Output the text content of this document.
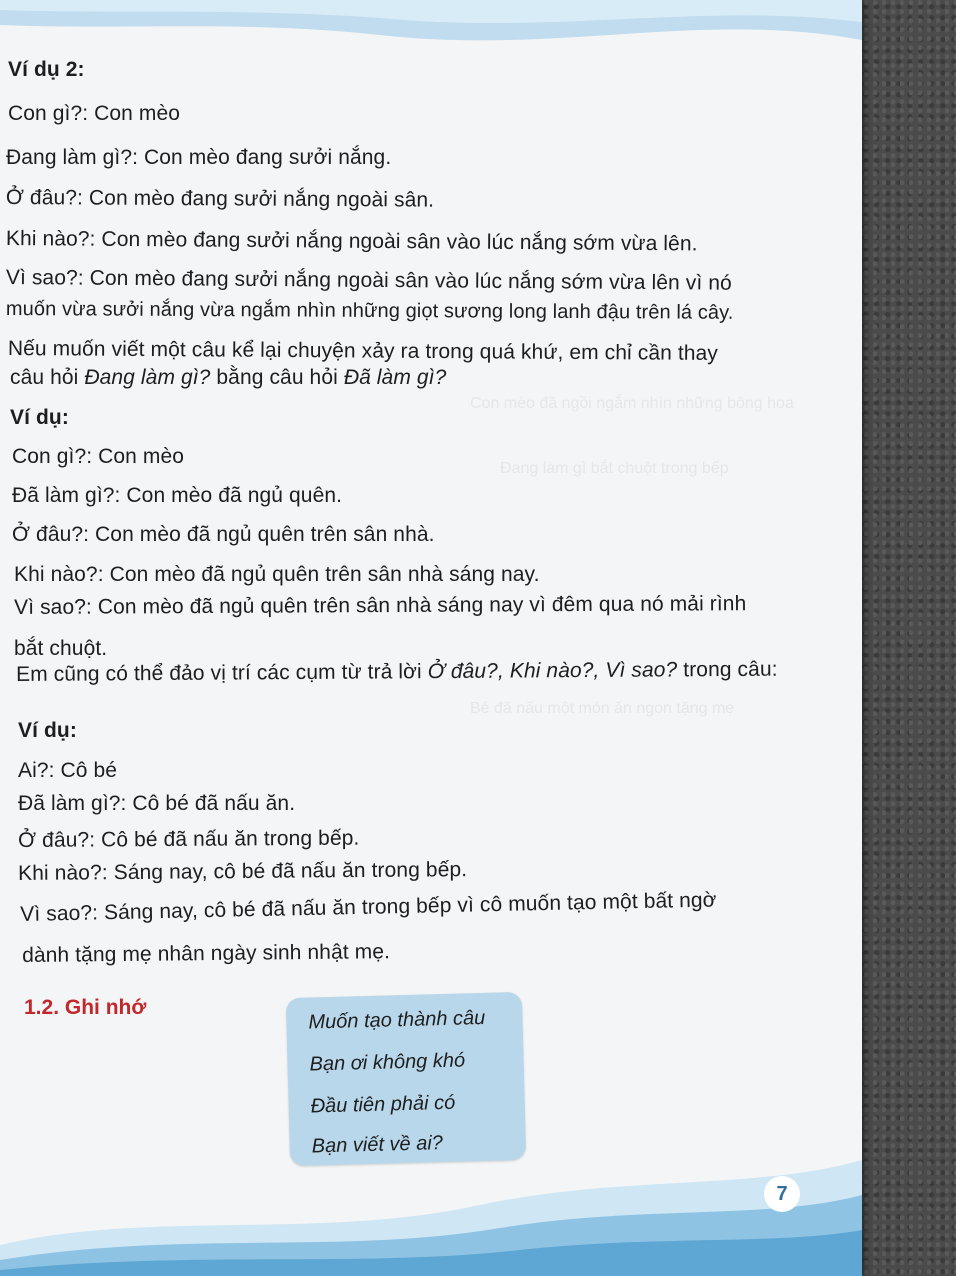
Con mèo đã ngồi ngắm nhìn những bông hoa
Đang làm gì bắt chuột trong bếp
Bé đã nấu một món ăn ngon tặng mẹ
Ví dụ 2:
Con gì?: Con mèo
Đang làm gì?: Con mèo đang sưởi nắng.
Ở đâu?: Con mèo đang sưởi nắng ngoài sân.
Khi nào?: Con mèo đang sưởi nắng ngoài sân vào lúc nắng sớm vừa lên.
Vì sao?: Con mèo đang sưởi nắng ngoài sân vào lúc nắng sớm vừa lên vì nó
muốn vừa sưởi nắng vừa ngắm nhìn những giọt sương long lanh đậu trên lá cây.
Nếu muốn viết một câu kể lại chuyện xảy ra trong quá khứ, em chỉ cần thay
câu hỏi Đang làm gì? bằng câu hỏi Đã làm gì?
Ví dụ:
Con gì?: Con mèo
Đã làm gì?: Con mèo đã ngủ quên.
Ở đâu?: Con mèo đã ngủ quên trên sân nhà.
Khi nào?: Con mèo đã ngủ quên trên sân nhà sáng nay.
Vì sao?: Con mèo đã ngủ quên trên sân nhà sáng nay vì đêm qua nó mải rình
bắt chuột.
Em cũng có thể đảo vị trí các cụm từ trả lời Ở đâu?, Khi nào?, Vì sao? trong câu:
Ví dụ:
Ai?: Cô bé
Đã làm gì?: Cô bé đã nấu ăn.
Ở đâu?: Cô bé đã nấu ăn trong bếp.
Khi nào?: Sáng nay, cô bé đã nấu ăn trong bếp.
Vì sao?: Sáng nay, cô bé đã nấu ăn trong bếp vì cô muốn tạo một bất ngờ
dành tặng mẹ nhân ngày sinh nhật mẹ.
1.2. Ghi nhớ	Muốn tạo thành câu
Bạn ơi không khó
Đầu tiên phải có
Bạn viết về ai?
7
